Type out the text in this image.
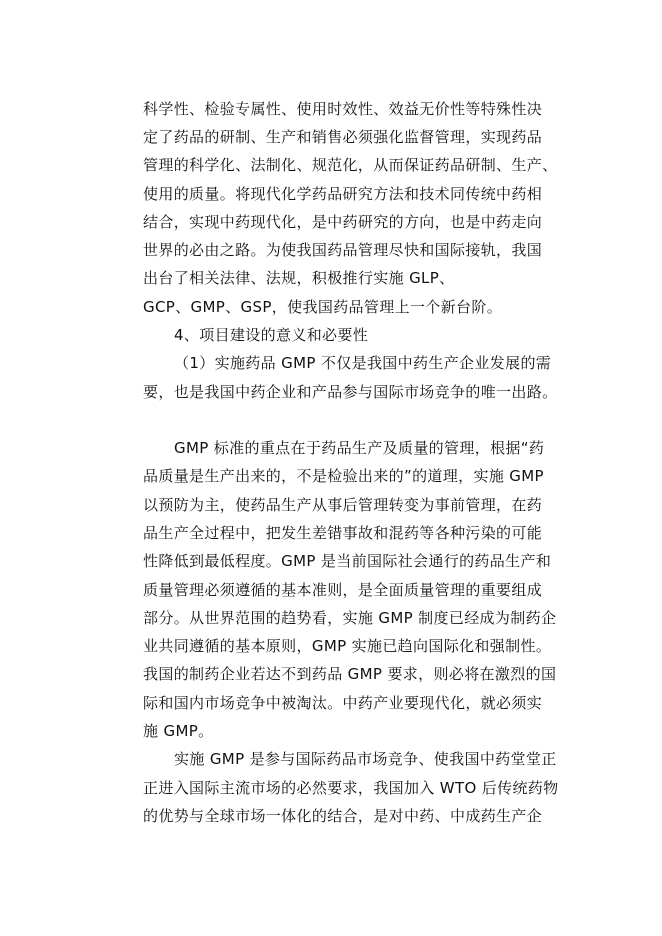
科学性、检验专属性、使用时效性、效益无价性等特殊性决
定了药品的研制、生产和销售必须强化监督管理，实现药品
管理的科学化、法制化、规范化，从而保证药品研制、生产、
使用的质量。将现代化学药品研究方法和技术同传统中药相
结合，实现中药现代化，是中药研究的方向，也是中药走向
世界的必由之路。为使我国药品管理尽快和国际接轨，我国
出台了相关法律、法规，积极推行实施 GLP、
GCP、GMP、GSP，使我国药品管理上一个新台阶。
4、项目建设的意义和必要性
（1）实施药品 GMP 不仅是我国中药生产企业发展的需
要，也是我国中药企业和产品参与国际市场竞争的唯一出路。
GMP 标准的重点在于药品生产及质量的管理，根据“药
品质量是生产出来的，不是检验出来的”的道理，实施 GMP
以预防为主，使药品生产从事后管理转变为事前管理，在药
品生产全过程中，把发生差错事故和混药等各种污染的可能
性降低到最低程度。GMP 是当前国际社会通行的药品生产和
质量管理必须遵循的基本准则，是全面质量管理的重要组成
部分。从世界范围的趋势看，实施 GMP 制度已经成为制药企
业共同遵循的基本原则，GMP 实施已趋向国际化和强制性。
我国的制药企业若达不到药品 GMP 要求，则必将在激烈的国
际和国内市场竞争中被淘汰。中药产业要现代化，就必须实
施 GMP。
实施 GMP 是参与国际药品市场竞争、使我国中药堂堂正
正进入国际主流市场的必然要求，我国加入 WTO 后传统药物
的优势与全球市场一体化的结合，是对中药、中成药生产企
